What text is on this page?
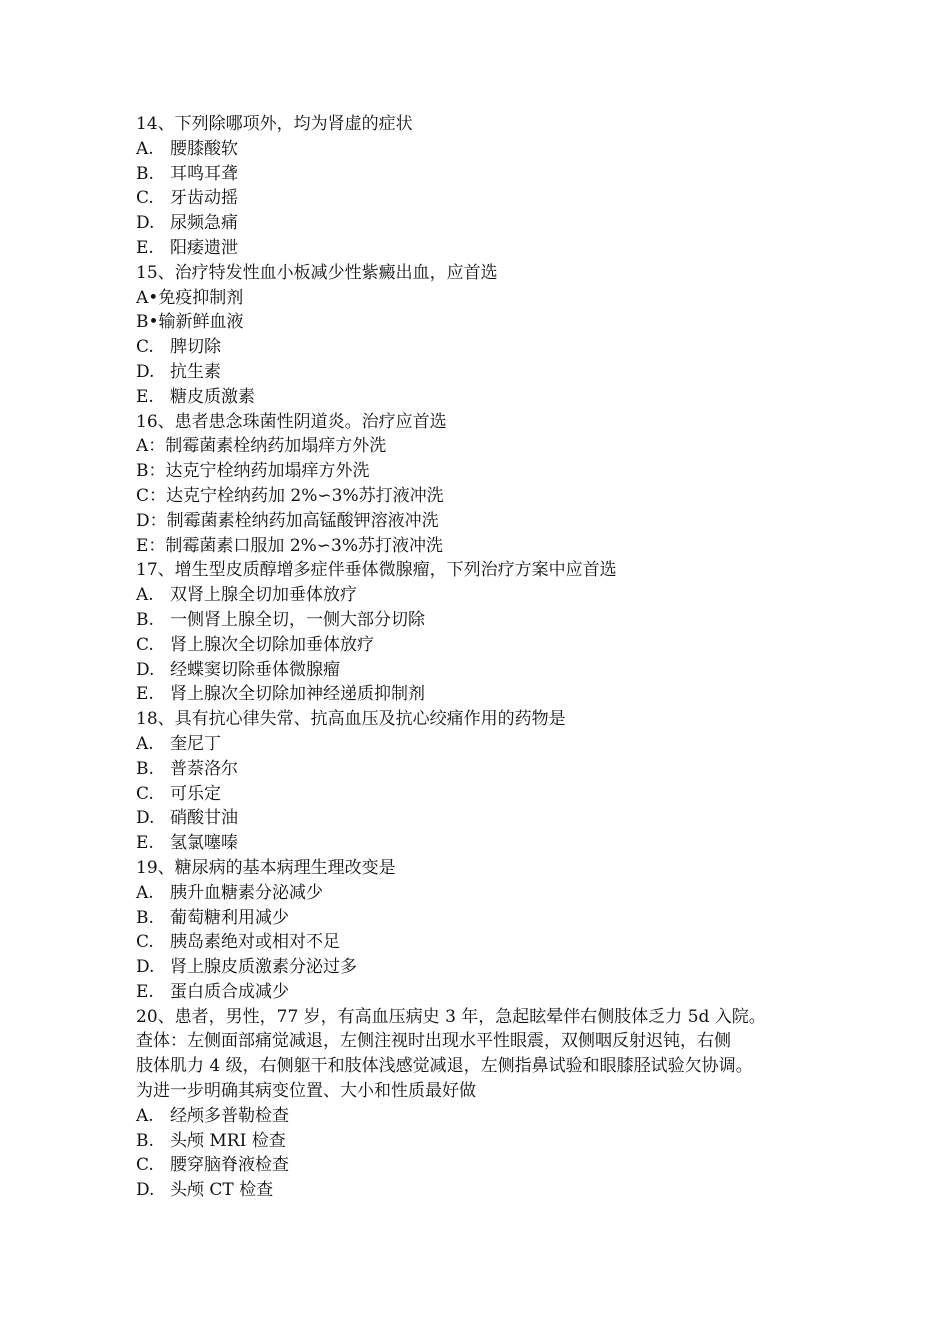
14、下列除哪项外，均为肾虚的症状
A. 腰膝酸软
B. 耳鸣耳聋
C. 牙齿动摇
D. 尿频急痛
E. 阳痿遗泄
15、治疗特发性血小板减少性紫癜出血，应首选
A•免疫抑制剂
B•输新鲜血液
C. 脾切除
D. 抗生素
E. 糖皮质激素
16、患者患念珠菌性阴道炎。治疗应首选
A：制霉菌素栓纳药加塌痒方外洗
B：达克宁栓纳药加塌痒方外洗
C：达克宁栓纳药加 2%∽3%苏打液冲洗
D：制霉菌素栓纳药加高锰酸钾溶液冲洗
E：制霉菌素口服加 2%∽3%苏打液冲洗
17、增生型皮质醇增多症伴垂体微腺瘤，下列治疗方案中应首选
A. 双肾上腺全切加垂体放疗
B. 一侧肾上腺全切，一侧大部分切除
C. 肾上腺次全切除加垂体放疗
D. 经蝶窦切除垂体微腺瘤
E. 肾上腺次全切除加神经递质抑制剂
18、具有抗心律失常、抗高血压及抗心绞痛作用的药物是
A. 奎尼丁
B. 普萘洛尔
C. 可乐定
D. 硝酸甘油
E. 氢氯噻嗪
19、糖尿病的基本病理生理改变是
A. 胰升血糖素分泌减少
B. 葡萄糖利用减少
C. 胰岛素绝对或相对不足
D. 肾上腺皮质激素分泌过多
E. 蛋白质合成减少
20、患者，男性，77 岁，有高血压病史 3 年，急起眩晕伴右侧肢体乏力 5d 入院。
查体：左侧面部痛觉减退，左侧注视时出现水平性眼震，双侧咽反射迟钝，右侧
肢体肌力 4 级，右侧躯干和肢体浅感觉减退，左侧指鼻试验和眼膝胫试验欠协调。
为进一步明确其病变位置、大小和性质最好做
A. 经颅多普勒检查
B. 头颅 MRI 检查
C. 腰穿脑脊液检查
D. 头颅 CT 检查
